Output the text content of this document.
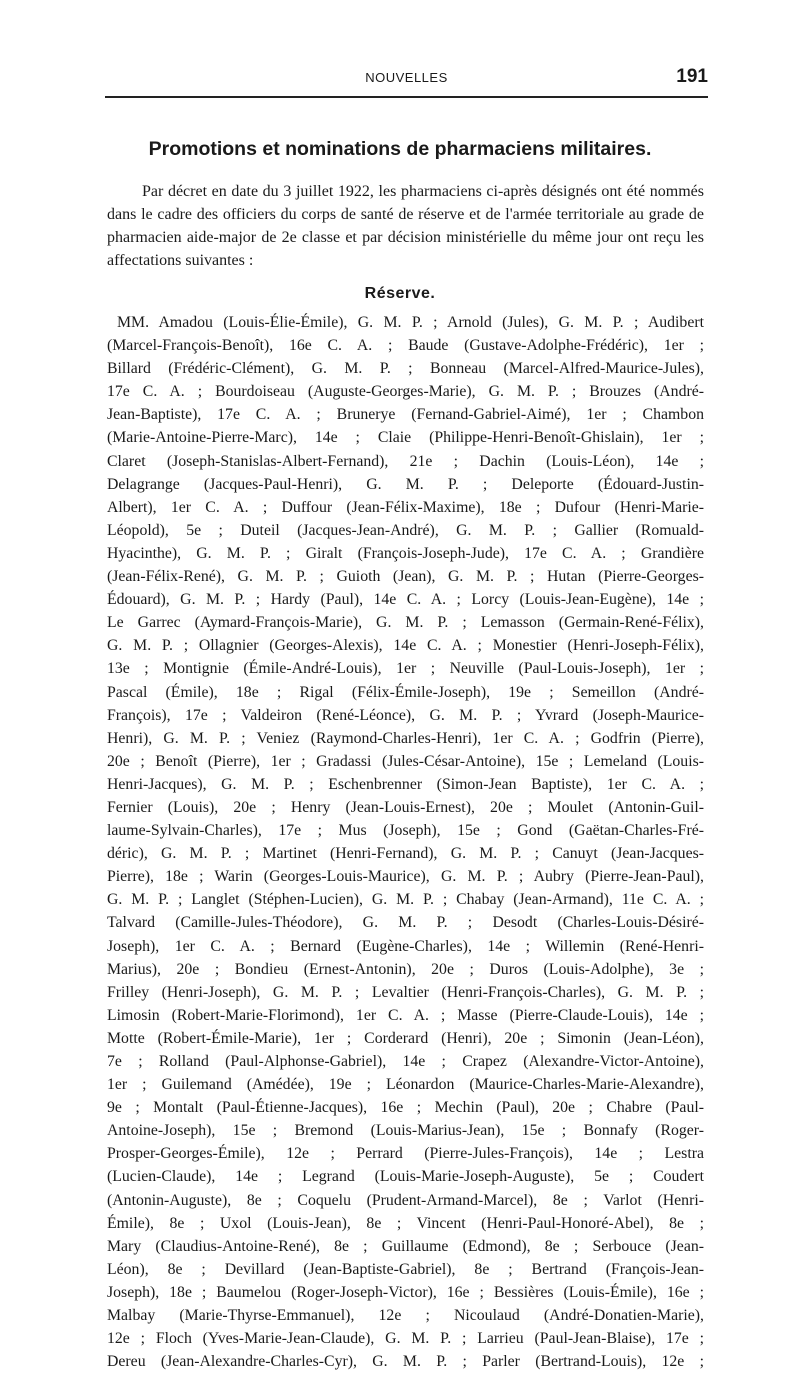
NOUVELLES	191
Promotions et nominations de pharmaciens militaires.
Par décret en date du 3 juillet 1922, les pharmaciens ci-après désignés ont été nommés dans le cadre des officiers du corps de santé de réserve et de l'armée territoriale au grade de pharmacien aide-major de 2e classe et par décision ministérielle du même jour ont reçu les affectations suivantes :
Réserve.
MM. Amadou (Louis-Élie-Émile), G. M. P. ; Arnold (Jules), G. M. P. ; Audibert
(Marcel-François-Benoît), 16e C. A. ; Baude (Gustave-Adolphe-Frédéric), 1er ;
Billard (Frédéric-Clément), G. M. P. ; Bonneau (Marcel-Alfred-Maurice-Jules),
17e C. A. ; Bourdoiseau (Auguste-Georges-Marie), G. M. P. ; Brouzes (André-
Jean-Baptiste), 17e C. A. ; Brunerye (Fernand-Gabriel-Aimé), 1er ; Chambon
(Marie-Antoine-Pierre-Marc), 14e ; Claie (Philippe-Henri-Benoît-Ghislain), 1er ;
Claret (Joseph-Stanislas-Albert-Fernand), 21e ; Dachin (Louis-Léon), 14e ;
Delagrange (Jacques-Paul-Henri), G. M. P. ; Deleporte (Édouard-Justin-
Albert), 1er C. A. ; Duffour (Jean-Félix-Maxime), 18e ; Dufour (Henri-Marie-
Léopold), 5e ; Duteil (Jacques-Jean-André), G. M. P. ; Gallier (Romuald-
Hyacinthe), G. M. P. ; Giralt (François-Joseph-Jude), 17e C. A. ; Grandière
(Jean-Félix-René), G. M. P. ; Guioth (Jean), G. M. P. ; Hutan (Pierre-Georges-
Édouard), G. M. P. ; Hardy (Paul), 14e C. A. ; Lorcy (Louis-Jean-Eugène), 14e ;
Le Garrec (Aymard-François-Marie), G. M. P. ; Lemasson (Germain-René-Félix),
G. M. P. ; Ollagnier (Georges-Alexis), 14e C. A. ; Monestier (Henri-Joseph-Félix),
13e ; Montignie (Émile-André-Louis), 1er ; Neuville (Paul-Louis-Joseph), 1er ;
Pascal (Émile), 18e ; Rigal (Félix-Émile-Joseph), 19e ; Semeillon (André-
François), 17e ; Valdeiron (René-Léonce), G. M. P. ; Yvrard (Joseph-Maurice-
Henri), G. M. P. ; Veniez (Raymond-Charles-Henri), 1er C. A. ; Godfrin (Pierre),
20e ; Benoît (Pierre), 1er ; Gradassi (Jules-César-Antoine), 15e ; Lemeland (Louis-
Henri-Jacques), G. M. P. ; Eschenbrenner (Simon-Jean Baptiste), 1er C. A. ;
Fernier (Louis), 20e ; Henry (Jean-Louis-Ernest), 20e ; Moulet (Antonin-Guil-
laume-Sylvain-Charles), 17e ; Mus (Joseph), 15e ; Gond (Gaëtan-Charles-Fré-
déric), G. M. P. ; Martinet (Henri-Fernand), G. M. P. ; Canuyt (Jean-Jacques-
Pierre), 18e ; Warin (Georges-Louis-Maurice), G. M. P. ; Aubry (Pierre-Jean-Paul),
G. M. P. ; Langlet (Stéphen-Lucien), G. M. P. ; Chabay (Jean-Armand), 11e C. A. ;
Talvard (Camille-Jules-Théodore), G. M. P. ; Desodt (Charles-Louis-Désiré-
Joseph), 1er C. A. ; Bernard (Eugène-Charles), 14e ; Willemin (René-Henri-
Marius), 20e ; Bondieu (Ernest-Antonin), 20e ; Duros (Louis-Adolphe), 3e ;
Frilley (Henri-Joseph), G. M. P. ; Levaltier (Henri-François-Charles), G. M. P. ;
Limosin (Robert-Marie-Florimond), 1er C. A. ; Masse (Pierre-Claude-Louis), 14e ;
Motte (Robert-Émile-Marie), 1er ; Corderard (Henri), 20e ; Simonin (Jean-Léon),
7e ; Rolland (Paul-Alphonse-Gabriel), 14e ; Crapez (Alexandre-Victor-Antoine),
1er ; Guilemand (Amédée), 19e ; Léonardon (Maurice-Charles-Marie-Alexandre),
9e ; Montalt (Paul-Étienne-Jacques), 16e ; Mechin (Paul), 20e ; Chabre (Paul-
Antoine-Joseph), 15e ; Bremond (Louis-Marius-Jean), 15e ; Bonnafy (Roger-
Prosper-Georges-Émile), 12e ; Perrard (Pierre-Jules-François), 14e ; Lestra
(Lucien-Claude), 14e ; Legrand (Louis-Marie-Joseph-Auguste), 5e ; Coudert
(Antonin-Auguste), 8e ; Coquelu (Prudent-Armand-Marcel), 8e ; Varlot (Henri-
Émile), 8e ; Uxol (Louis-Jean), 8e ; Vincent (Henri-Paul-Honoré-Abel), 8e ;
Mary (Claudius-Antoine-René), 8e ; Guillaume (Edmond), 8e ; Serbouce (Jean-
Léon), 8e ; Devillard (Jean-Baptiste-Gabriel), 8e ; Bertrand (François-Jean-
Joseph), 18e ; Baumelou (Roger-Joseph-Victor), 16e ; Bessières (Louis-Émile), 16e ;
Malbay (Marie-Thyrse-Emmanuel), 12e ; Nicoulaud (André-Donatien-Marie),
12e ; Floch (Yves-Marie-Jean-Claude), G. M. P. ; Larrieu (Paul-Jean-Blaise), 17e ;
Dereu (Jean-Alexandre-Charles-Cyr), G. M. P. ; Parler (Bertrand-Louis), 12e ;
